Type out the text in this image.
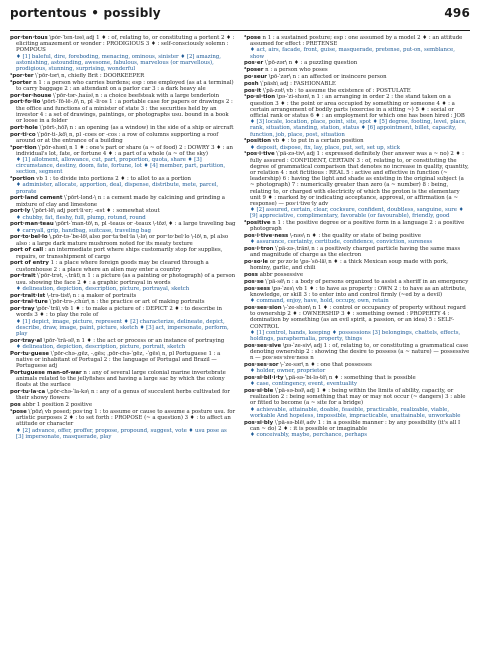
portentous • possibly	496

por·ten·tous \pȯr-ˈten-təs\ adj 1 ♦ : of, relating to, or constituting a portent 2 ♦ : eliciting amazement or wonder : PRODIGIOUS 3 ♦ : self-consciously solemn : POMPOUS
♦ [1] baleful, dire, foreboding, menacing, ominous, sinister ♦ [2] amazing, astonishing, astounding, awesome, fabulous, marvelous (or marvellous), prodigious, stunning, surprising, wonderful

¹por·ter \ˈpōr-tər\ n, chiefly Brit : DOORKEEPER

²porter n 1 : a person who carries burdens; esp : one employed (as at a terminal) to carry baggage 2 : an attendant on a parlor car 3 : a dark heavy ale

por·ter·house \ˈpōr-tər-ˌhau̇s\ n : a choice beefsteak with a large tenderloin

port·fo·lio \pōrt-ˈfō-lē-ˌō\ n, pl -li·os 1 : a portable case for papers or drawings 2 : the office and functions of a minister of state 3 : the securities held by an investor 4 : a set of drawings, paintings, or photographs usu. bound in a book or loose in a folder

port·hole \ˈpōrt-ˌhōl\ n : an opening (as a window) in the side of a ship or aircraft

por·ti·co \ˈpōr-ti-ˌkō\ n, pl -coes or -cos : a row of columns supporting a roof around or at the entrance of a building

¹por·tion \ˈpōr-shən\ n 1 ♦ : one's part or share (a ~ of food) 2 : DOWRY 3 ♦ : an individual's lot, fate, or fortune 4 ♦ : a part of a whole (a ~ of the sky)
♦ [1] allotment, allowance, cut, part, proportion, quota, share ♦ [3] circumstance, destiny, doom, fate, fortune, lot ♦ [4] member, part, partition, section, segment

²portion vb 1 : to divide into portions 2 ♦ : to allot to as a portion
♦ administer, allocate, apportion, deal, dispense, distribute, mete, parcel, prorate

port·land cement \ˈpōrt-lənd-\ n : a cement made by calcining and grinding a mixture of clay and limestone

port·ly \ˈpōrt-lē\ adj port·li·er; -est ♦ : somewhat stout
♦ chubby, fat, fleshy, full, plump, rotund, round

port·man·teau \pōrt-ˈman-tō\ n, pl -teaus or -teaux \-tōz\ ♦ : a large traveling bag
♦ carryall, grip, handbag, suitcase, traveling bag

por·to·bel·lo \ˌpōr-tə-ˈbe-lō\ also por·ta·bel·la \-lə\ or por·to·bel·lo \-lō\ n, pl also also : a large dark mature mushroom noted for its meaty texture

port of call : an intermediate port where ships customarily stop for supplies, repairs, or transshipment of cargo

port of entry 1 : a place where foreign goods may be cleared through a customhouse 2 : a place where an alien may enter a country

por·trait \ˈpōr-trət, -ˌtrāt\ n 1 : a picture (as a painting or photograph) of a person usu. showing the face 2 ♦ : a graphic portrayal in words
♦ delineation, depiction, description, picture, portrayal, sketch

por·trait·ist \-trə-tist\ n : a maker of portraits

por·trai·ture \ˈpōr-trə-ˌchu̇r\ n : the practice or art of making portraits

por·tray \pōr-ˈtrā\ vb 1 ♦ : to make a picture of : DEPICT 2 ♦ : to describe in words 3 ♦ : to play the role of
♦ [1] depict, image, picture, represent ♦ [2] characterize, delineate, depict, describe, draw, image, paint, picture, sketch ♦ [3] act, impersonate, perform, play

por·tray·al \pōr-ˈtrā-əl\ n 1 ♦ : the act or process or an instance of portraying
♦ delineation, depiction, description, picture, portrait, sketch

Por·tu·guese \ˈpōr-chə-ˌgēz, -ˌgēs; ˌpōr-chə-ˈgēz, -ˈgēs\ n, pl Portuguese 1 : a native or inhabitant of Portugal 2 : the language of Portugal and Brazil — Portuguese adj

Portuguese man-of-war n : any of several large colonial marine invertebrate animals related to the jellyfishes and having a large sac by which the colony floats at the surface

por·tu·la·ca \ˌpōr-chə-ˈla-kə\ n : any of a genus of succulent herbs cultivated for their showy flowers

pos abbr 1 position 2 positive

¹pose \ˈpōz\ vb posed; pos·ing 1 : to assume or cause to assume a posture usu. for artistic purposes 2 ♦ : to set forth : PROPOSE (~ a question) 3 ♦ : to affect an attitude or character
♦ [2] advance, offer, proffer, propose, propound, suggest, vote ♦ usu pose as [3] impersonate, masquerade, play

²pose n 1 : a sustained posture; esp : one assumed by a model 2 ♦ : an attitude assumed for effect : PRETENSE
♦ act, airs, facade, front, guise, masquerade, pretense, put-on, semblance, show

pos·er \ˈpō-zər\ n ♦ : a puzzling question

²poser n : a person who poses

po·seur \pō-ˈzər\ n : an affected or insincere person

posh \ˈpäsh\ adj : FASHIONABLE

pos·it \ˈpä-zət\ vb : to assume the existence of : POSTULATE

¹po·si·tion \pə-ˈzi-shən\ n 1 : an arranging in order 2 : the stand taken on a question 3 ♦ : the point or area occupied by something or someone 4 ♦ : a certain arrangement of bodily parts (exercise in a sitting ~) 5 ♦ : social or official rank or status 6 ♦ : an employment for which one has been hired : JOB
♦ [3] locale, location, place, point, site, spot ♦ [5] degree, footing, level, place, rank, situation, standing, station, status ♦ [6] appointment, billet, capacity, function, job, place, post, situation

²position vb ♦ : to put in a certain position
♦ deposit, dispose, fix, lay, place, put, set, set up, stick

¹pos·i·tive \ˈpä-zə-tiv\ adj 1 : expressed definitely (her answer was a ~ no) 2 ♦ : fully assured : CONFIDENT, CERTAIN 3 : of, relating to, or constituting the degree of grammatical comparison that denotes no increase in quality, quantity, or relation 4 : not fictitious : REAL 5 : active and effective in function (~ leadership) 6 : having the light and shade as existing in the original subject (a ~ photograph) 7 : numerically greater than zero (a ~ number) 8 : being, relating to, or charged with electricity of which the proton is the elementary unit 9 ♦ : marked by or indicating acceptance, approval, or affirmation (a ~ response) — pos·i·tive·ly adv
♦ [2] assured, certain, clear, cocksure, confident, doubtless, sanguine, sure ♦ [9] appreciative, complimentary, favorable (or favourable), friendly, good

²positive n 1 : the positive degree or a positive form in a language 2 : a positive photograph

pos·i·tive·ness \-nəs\ n ♦ : the quality or state of being positive
♦ assurance, certainty, certitude, confidence, conviction, sureness

pos·i·tron \ˈpä-zə-ˌträn\ n : a positively charged particle having the same mass and magnitude of charge as the electron

po·so·le or po·zo·le \pə-ˈsō-lā\ n ♦ : a thick Mexican soup made with pork, hominy, garlic, and chili

poss abbr possessive

pos·se \ˈpä-sē\ n : a body of persons organized to assist a sheriff in an emergency

pos·sess \pə-ˈzes\ vb 1 ♦ : to have as property : OWN 2 : to have as an attribute, knowledge, or skill 3 : to enter into and control firmly (~ed by a devil)
♦ command, enjoy, have, hold, occupy, own, retain

pos·ses·sion \-ˈze-shən\ n 1 ♦ : control or occupancy of property without regard to ownership 2 ♦ : OWNERSHIP 3 ♦ : something owned : PROPERTY 4 : domination by something (as an evil spirit, a passion, or an idea) 5 : SELF-CONTROL
♦ [1] control, hands, keeping ♦ possessions [3] belongings, chattels, effects, holdings, paraphernalia, property, things

pos·ses·sive \pə-ˈze-siv\ adj 1 : of, relating to, or constituting a grammatical case denoting ownership 2 : showing the desire to possess (a ~ nature) — possessive n — pos·ses·sive·ness n

pos·ses·sor \-ˈze-sər\ n ♦ : one that possesses
♦ holder, owner, proprietor

pos·si·bil·i·ty \ˌpä-sə-ˈbi-lə-tē\ n ♦ : something that is possible
♦ case, contingency, event, eventuality

pos·si·ble \ˈpä-sə-bəl\ adj 1 ♦ : being within the limits of ability, capacity, or realization 2 : being something that may or may not occur (~ dangers) 3 : able or fitted to become (a ~ site for a bridge)
♦ achievable, attainable, doable, feasible, practicable, realizable, viable, workable And hopeless, impossible, impracticable, unattainable, unworkable

pos·si·bly \ˈpä-sə-blē\ adv 1 : in a possible manner : by any possibility (it's all I can ~ do) 2 ♦ : it is possible or imaginable
♦ conceivably, maybe, perchance, perhaps
